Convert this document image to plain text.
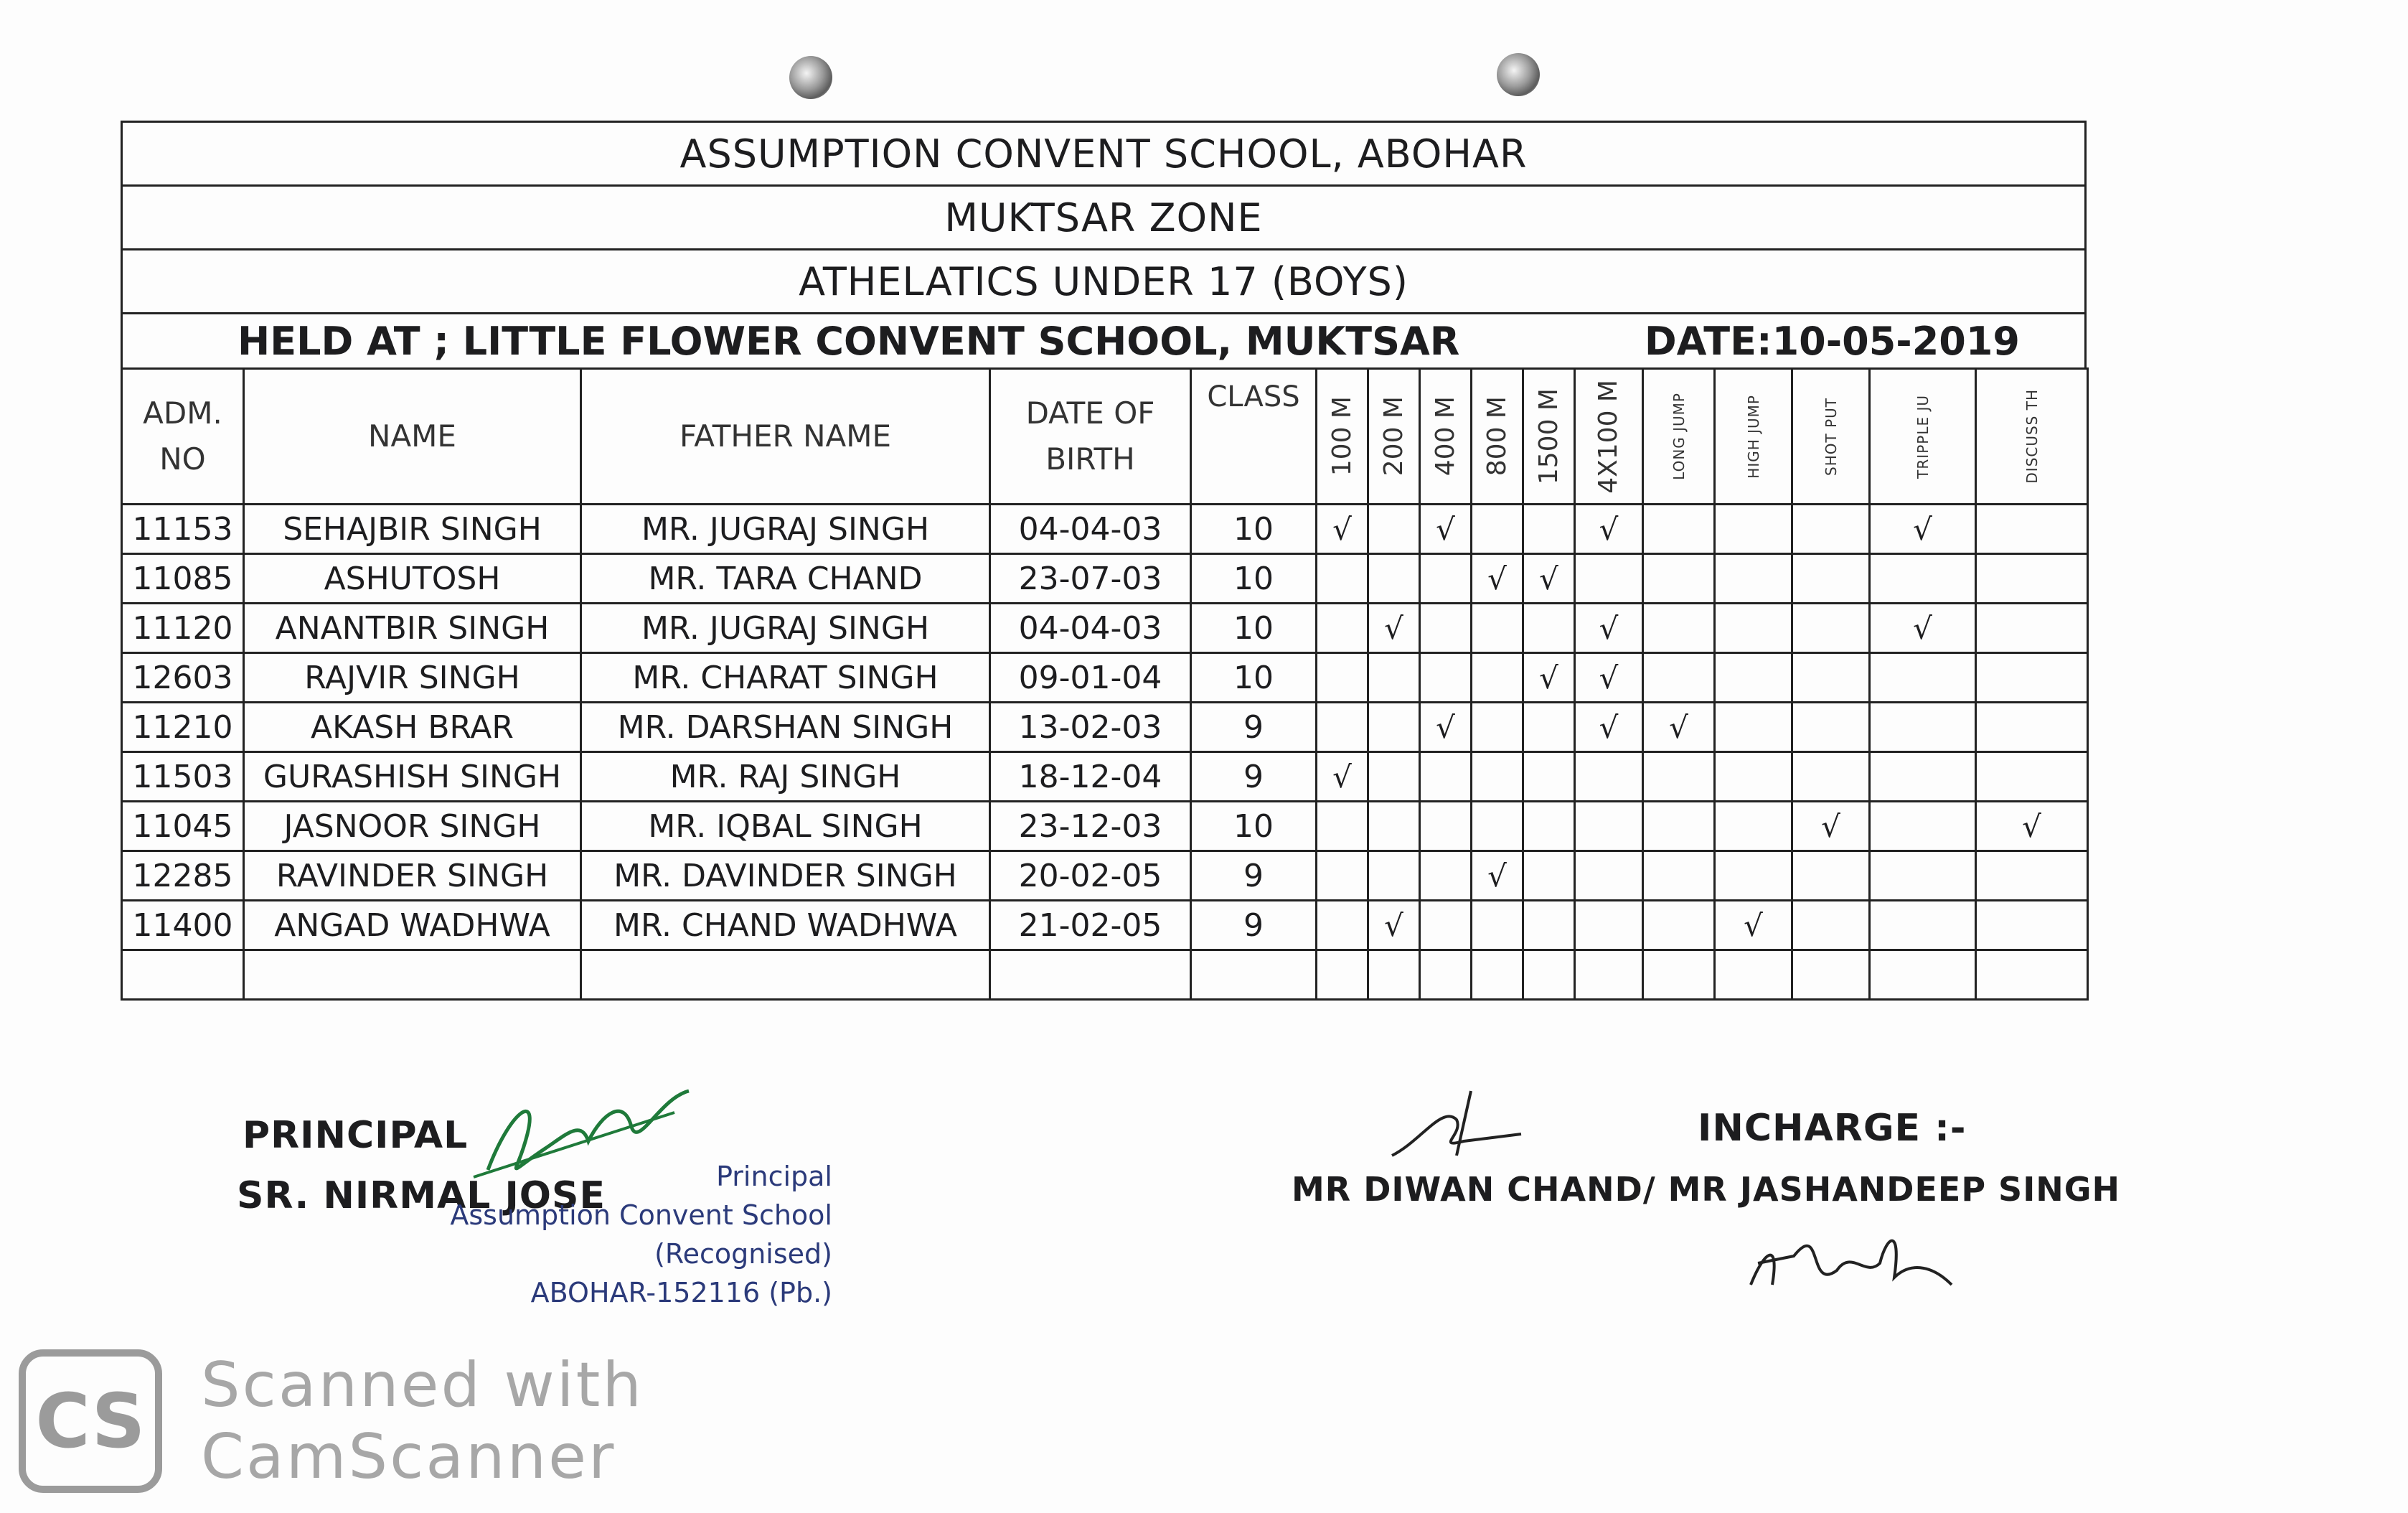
ASSUMPTION CONVENT SCHOOL, ABOHAR
MUKTSAR ZONE
ATHELATICS UNDER 17 (BOYS)
HELD AT ; LITTLE FLOWER CONVENT SCHOOL, MUKTSAR	DATE:10-05-2019
ADM. NO	NAME	FATHER NAME	DATE OF BIRTH	CLASS	100 M	200 M	400 M	800 M	1500 M	4X100 M	LONG JUMP	HIGH JUMP	SHOT PUT	TRIPPLE JU	DISCUSS TH

11153	SEHAJBIR SINGH	MR. JUGRAJ SINGH	04-04-03	10	√		√			√				√	
11085	ASHUTOSH	MR. TARA CHAND	23-07-03	10				√	√						
11120	ANANTBIR SINGH	MR. JUGRAJ SINGH	04-04-03	10		√				√				√	
12603	RAJVIR SINGH	MR. CHARAT SINGH	09-01-04	10					√	√					
11210	AKASH BRAR	MR. DARSHAN SINGH	13-02-03	9			√			√	√				
11503	GURASHISH SINGH	MR. RAJ SINGH	18-12-04	9	√										
11045	JASNOOR SINGH	MR. IQBAL SINGH	23-12-03	10									√		√
12285	RAVINDER SINGH	MR. DAVINDER SINGH	20-02-05	9				√							
11400	ANGAD WADHWA	MR. CHAND WADHWA	21-02-05	9		√						√			

PRINCIPAL
SR. NIRMAL JOSE	Principal
Assumption Convent School
(Recognised)
ABOHAR-152116 (Pb.)
INCHARGE :-
MR DIWAN CHAND/ MR JASHANDEEP SINGH
CS Scanned with
CamScanner
